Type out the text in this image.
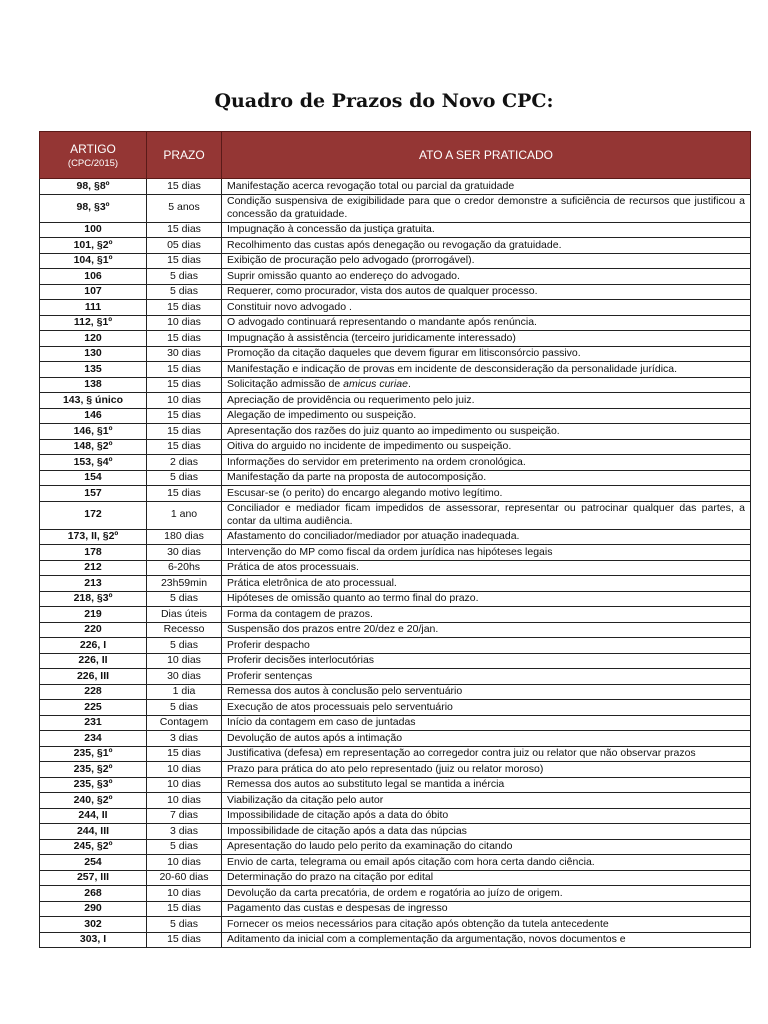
Quadro de Prazos do Novo CPC:
ARTIGO
(CPC/2015)	PRAZO	ATO A SER PRATICADO
98, §8º	15 dias	Manifestação acerca revogação total ou parcial da gratuidade
98, §3º	5 anos	Condição suspensiva de exigibilidade para que o credor demonstre a suficiência de recursos que justificou a concessão da gratuidade.
100	15 dias	Impugnação à concessão da justiça gratuita.
101, §2º	05 dias	Recolhimento das custas após denegação ou revogação da gratuidade.
104, §1º	15 dias	Exibição de procuração pelo advogado (prorrogável).
106	5 dias	Suprir omissão quanto ao endereço do advogado.
107	5 dias	Requerer, como procurador, vista dos autos de qualquer processo.
111	15 dias	Constituir novo advogado .
112, §1º	10 dias	O advogado continuará representando o mandante após renúncia.
120	15 dias	Impugnação à assistência (terceiro juridicamente interessado)
130	30 dias	Promoção da citação daqueles que devem figurar em litisconsórcio passivo.
135	15 dias	Manifestação e indicação de provas em incidente de desconsideração da personalidade jurídica.
138	15 dias	Solicitação admissão de amicus curiae.
143, § único	10 dias	Apreciação de providência ou requerimento pelo juiz.
146	15 dias	Alegação de impedimento ou suspeição.
146, §1º	15 dias	Apresentação dos razões do juiz quanto ao impedimento ou suspeição.
148, §2º	15 dias	Oitiva do arguido no incidente de impedimento ou suspeição.
153, §4º	2 dias	Informações do servidor em preterimento na ordem cronológica.
154	5 dias	Manifestação da parte na proposta de autocomposição.
157	15 dias	Escusar-se (o perito) do encargo alegando motivo legítimo.
172	1 ano	Conciliador e mediador ficam impedidos de assessorar, representar ou patrocinar qualquer das partes, a contar da ultima audiência.
173, II, §2º	180 dias	Afastamento do conciliador/mediador por atuação inadequada.
178	30 dias	Intervenção do MP como fiscal da ordem jurídica nas hipóteses legais
212	6-20hs	Prática de atos processuais.
213	23h59min	Prática eletrônica de ato processual.
218, §3º	5 dias	Hipóteses de omissão quanto ao termo final do prazo.
219	Dias úteis	Forma da contagem de prazos.
220	Recesso	Suspensão dos prazos entre 20/dez e 20/jan.
226, I	5 dias	Proferir despacho
226, II	10 dias	Proferir decisões interlocutórias
226, III	30 dias	Proferir sentenças
228	1 dia	Remessa dos autos à conclusão pelo serventuário
225	5 dias	Execução de atos processuais pelo serventuário
231	Contagem	Início da contagem em caso de juntadas
234	3 dias	Devolução de autos após a intimação
235, §1º	15 dias	Justificativa (defesa) em representação ao corregedor contra juiz ou relator que não observar prazos
235, §2º	10 dias	Prazo para prática do ato pelo representado (juiz ou relator moroso)
235, §3º	10 dias	Remessa dos autos ao substituto legal se mantida a inércia
240, §2º	10 dias	Viabilização da citação pelo autor
244, II	7 dias	Impossibilidade de citação após a data do óbito
244, III	3 dias	Impossibilidade de citação após a data das núpcias
245, §2º	5 dias	Apresentação do laudo pelo perito da examinação do citando
254	10 dias	Envio de carta, telegrama ou email após citação com hora certa dando ciência.
257, III	20-60 dias	Determinação do prazo na citação por edital
268	10 dias	Devolução da carta precatória, de ordem e rogatória ao juízo de origem.
290	15 dias	Pagamento das custas e despesas de ingresso
302	5 dias	Fornecer os meios necessários para citação após obtenção da tutela antecedente
303, I	15 dias	Aditamento da inicial com a complementação da argumentação, novos documentos e
